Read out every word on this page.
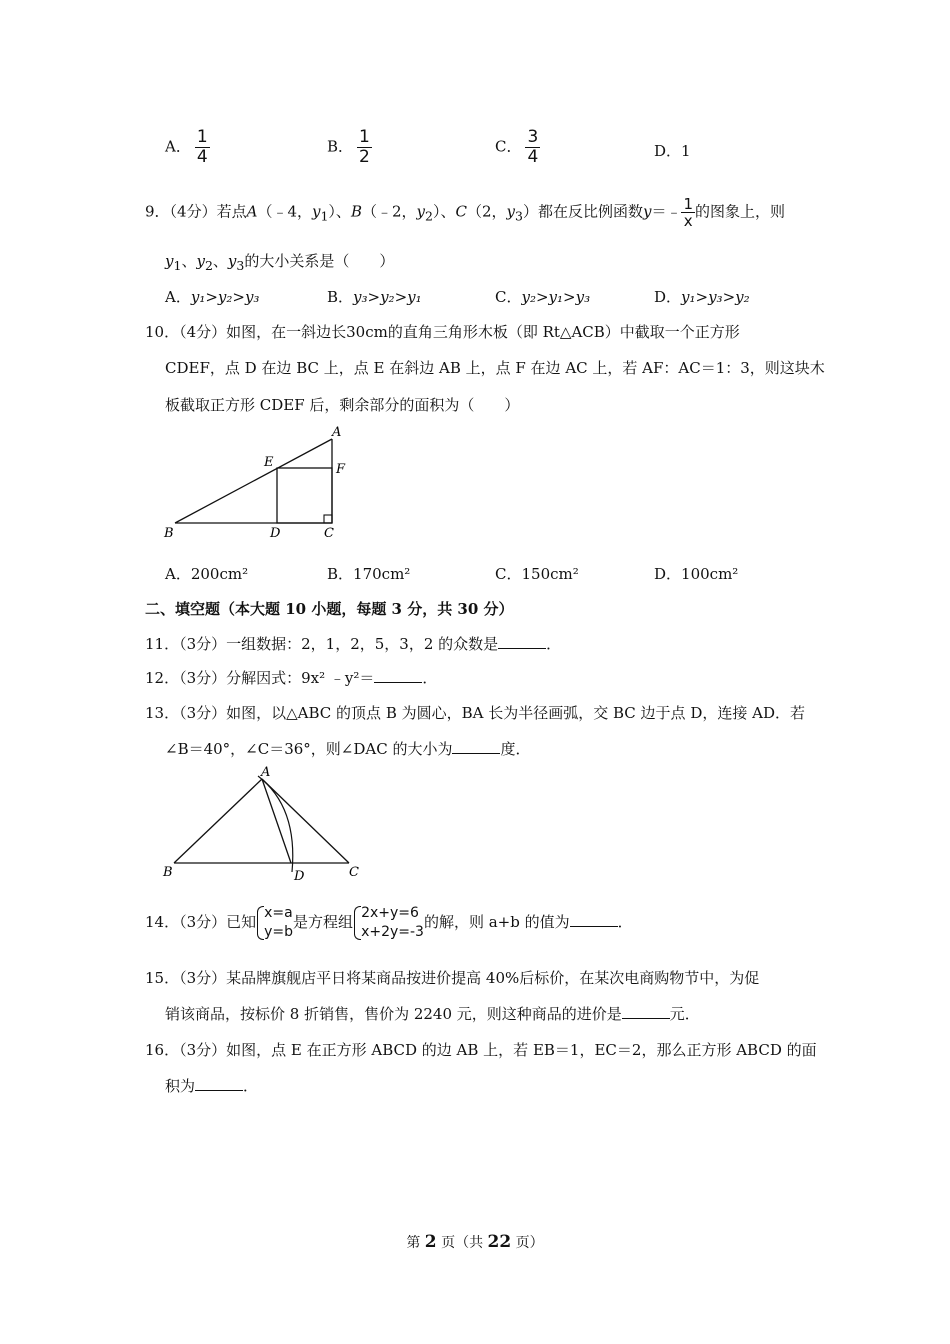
A． $\frac{1}{4}$	B． $\frac{1}{2}$	C． $\frac{3}{4}$	D．1
9．（4分）若点A（﹣4，$y_1$）、B（﹣2，$y_2$）、C（2，$y_3$）都在反比例函数y＝﹣ $\frac{1}{x}$ 的图象上，则
$y_1$、$y_2$、$y_3$的大小关系是（　　）
A．y₁>y₂>y₃	B．y₃>y₂>y₁	C．y₂>y₁>y₃	D．y₁>y₃>y₂
10．（4分）如图，在一斜边长30cm的直角三角形木板（即 Rt△ACB）中截取一个正方形
CDEF，点 D 在边 BC 上，点 E 在斜边 AB 上，点 F 在边 AC 上，若 AF：AC＝1：3，则这块木
板截取正方形 CDEF 后，剩余部分的面积为（　　）
A
B	C
D
E	F
A．200cm²	B．170cm²	C．150cm²	D．100cm²
二、填空题（本大题 10 小题，每题 3 分，共 30 分）
11．（3分）一组数据：2，1，2，5，3，2 的众数是	．
12．（3分）分解因式：9x² ﹣y²＝	．
13．（3分）如图，以△ABC 的顶点 B 为圆心，BA 长为半径画弧，交 BC 边于点 D，连接 AD．若
∠B＝40°，∠C＝36°，则∠DAC 的大小为	度．
A
B	C
D
14．（3分）已知 x=a
y=b
是方程组 2x+y=6
x+2y=-3
的解，则 a+b 的值为	．
15．（3分）某品牌旗舰店平日将某商品按进价提高 40%后标价，在某次电商购物节中，为促
销该商品，按标价 8 折销售，售价为 2240 元，则这种商品的进价是	元．
16．（3分）如图，点 E 在正方形 ABCD 的边 AB 上，若 EB＝1，EC＝2，那么正方形 ABCD 的面
积为	．
第 2 页（共 22 页）
